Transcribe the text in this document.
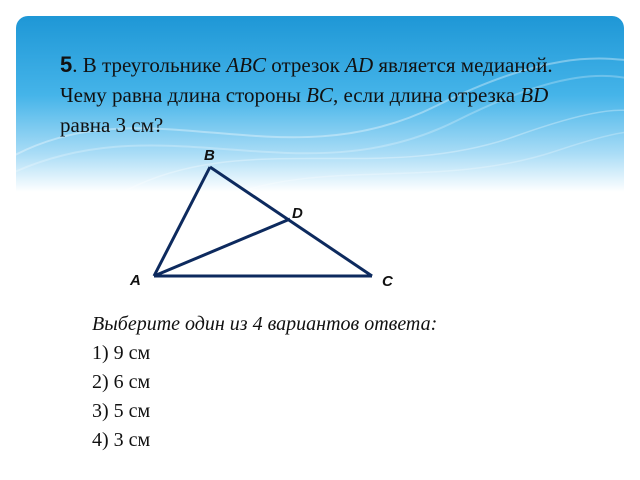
5. В треугольнике ABC отрезок AD является медианой. Чему равна длина стороны BC, если длина отрезка BD равна 3 см?
B
D
A	C
Выберите один из 4 вариантов ответа:
1) 9 см
2) 6 см
3) 5 см
4) 3 см
